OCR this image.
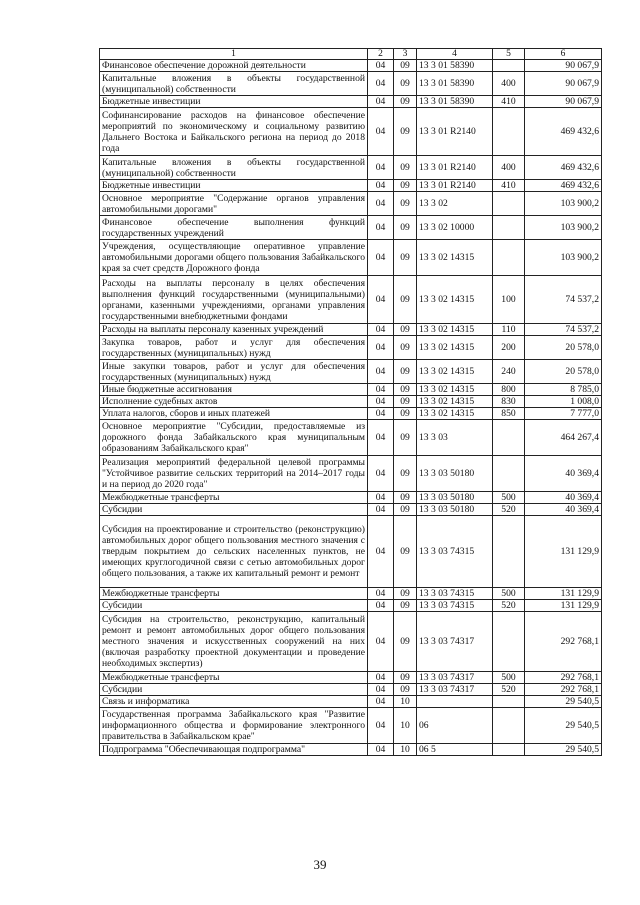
1	2	3	4	5	6
Финансовое обеспечение дорожной деятельности	04	09	13 3 01 58390		90 067,9
Капитальные вложения в объекты государственной (муниципальной) собственности	04	09	13 3 01 58390	400	90 067,9
Бюджетные инвестиции	04	09	13 3 01 58390	410	90 067,9
Софинансирование расходов на финансовое обеспечение мероприятий по экономическому и социальному развитию Дальнего Востока и Байкальского региона на период до 2018 года	04	09	13 3 01 R2140		469 432,6
Капитальные вложения в объекты государственной (муниципальной) собственности	04	09	13 3 01 R2140	400	469 432,6
Бюджетные инвестиции	04	09	13 3 01 R2140	410	469 432,6
Основное мероприятие "Содержание органов управления автомобильными дорогами"	04	09	13 3 02		103 900,2
Финансовое обеспечение выполнения функций государственных учреждений	04	09	13 3 02 10000		103 900,2
Учреждения, осуществляющие оперативное управление автомобильными дорогами общего пользования Забайкальского края за счет средств Дорожного фонда	04	09	13 3 02 14315		103 900,2
Расходы на выплаты персоналу в целях обеспечения выполнения функций государственными (муниципальными) органами, казенными учреждениями, органами управления государственными внебюджетными фондами	04	09	13 3 02 14315	100	74 537,2
Расходы на выплаты персоналу казенных учреждений	04	09	13 3 02 14315	110	74 537,2
Закупка товаров, работ и услуг для обеспечения государственных (муниципальных) нужд	04	09	13 3 02 14315	200	20 578,0
Иные закупки товаров, работ и услуг для обеспечения государственных (муниципальных) нужд	04	09	13 3 02 14315	240	20 578,0
Иные бюджетные ассигнования	04	09	13 3 02 14315	800	8 785,0
Исполнение судебных актов	04	09	13 3 02 14315	830	1 008,0
Уплата налогов, сборов и иных платежей	04	09	13 3 02 14315	850	7 777,0
Основное мероприятие "Субсидии, предоставляемые из дорожного фонда Забайкальского края муниципальным образованиям Забайкальского края"	04	09	13 3 03		464 267,4
Реализация мероприятий федеральной целевой программы "Устойчивое развитие сельских территорий на 2014–2017 годы и на период до 2020 года"	04	09	13 3 03 50180		40 369,4
Межбюджетные трансферты	04	09	13 3 03 50180	500	40 369,4
Субсидии	04	09	13 3 03 50180	520	40 369,4
Субсидия на проектирование и строительство (реконструкцию) автомобильных дорог общего пользования местного значения с твердым покрытием до сельских населенных пунктов, не имеющих круглогодичной связи с сетью автомобильных дорог общего пользования, а также их капитальный ремонт и ремонт	04	09	13 3 03 74315		131 129,9
Межбюджетные трансферты	04	09	13 3 03 74315	500	131 129,9
Субсидии	04	09	13 3 03 74315	520	131 129,9
Субсидия на строительство, реконструкцию, капитальный ремонт и ремонт автомобильных дорог общего пользования местного значения и искусственных сооружений на них (включая разработку проектной документации и проведение необходимых экспертиз)	04	09	13 3 03 74317		292 768,1
Межбюджетные трансферты	04	09	13 3 03 74317	500	292 768,1
Субсидии	04	09	13 3 03 74317	520	292 768,1
Связь и информатика	04	10			29 540,5
Государственная программа Забайкальского края "Развитие информационного общества и формирование электронного правительства в Забайкальском крае"	04	10	06		29 540,5
Подпрограмма "Обеспечивающая подпрограмма"	04	10	06 5		29 540,5
39
